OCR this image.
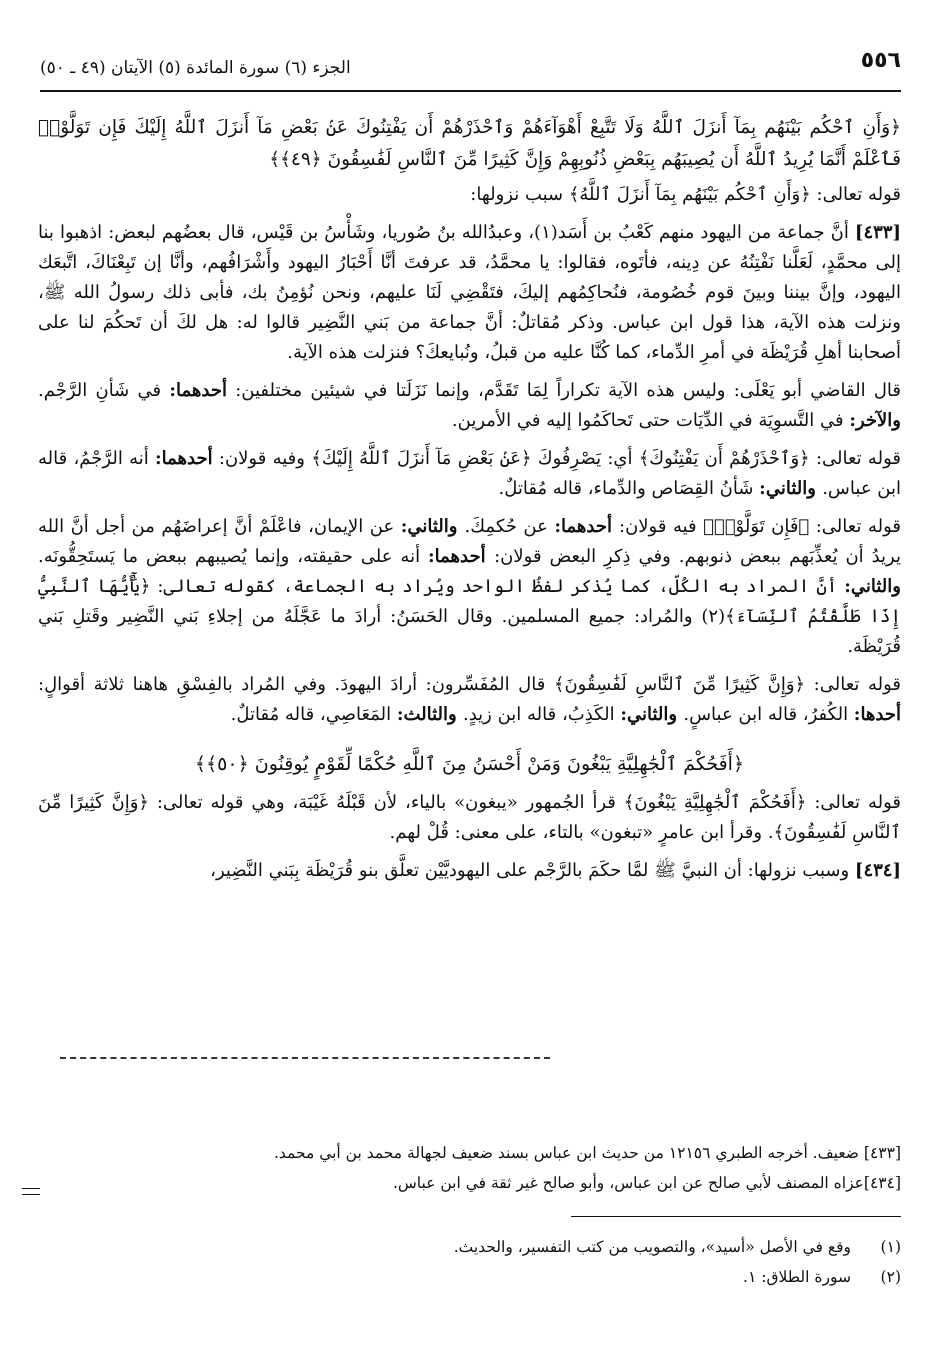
٥٥٦
الجزء (٦) سورة المائدة (٥) الآيتان (٤٩ ـ ٥٠)

﴿وَأَنِ ٱحْكُم بَيْنَهُم بِمَآ أَنزَلَ ٱللَّهُ وَلَا تَتَّبِعْ أَهْوَآءَهُمْ وَٱحْذَرْهُمْ أَن يَفْتِنُوكَ عَنۢ بَعْضِ مَآ أَنزَلَ ٱللَّهُ إِلَيْكَ فَإِن تَوَلَّوْا۟ فَٱعْلَمْ أَنَّمَا يُرِيدُ ٱللَّهُ أَن يُصِيبَهُم بِبَعْضِ ذُنُوبِهِمْ وَإِنَّ كَثِيرًا مِّنَ ٱلنَّاسِ لَفَٰسِقُونَ ﴿٤٩﴾﴾

قوله تعالى: ﴿وَأَنِ ٱحْكُم بَيْنَهُم بِمَآ أَنزَلَ ٱللَّهُ﴾ سبب نزولها:

[٤٣٣] أنَّ جماعة من اليهود منهم كَعْبُ بن أَسَد(١)، وعبدُالله بنُ صُوريا، وشَأْسُ بن قَيْس، قال بعضُهم لبعض: اذهبوا بنا إلى محمَّدٍ، لَعَلَّنا نَفْتِنُهُ عن دِينه، فأتَوه، فقالوا: يا محمَّدُ، قد عرفتَ أنَّا أَحْبَارُ اليهود وأَشْرَافُهم، وأنَّا إن تَبِعْنَاكَ، اتَّبعَك اليهود، وإنَّ بيننا وبينَ قوم خُصُومة، فنُحاكِمُهم إليكَ، فتَقْضِي لَنَا عليهم، ونحن نُؤمِنُ بك، فأبى ذلك رسولُ الله ﷺ، ونزلت هذه الآية، هذا قول ابن عباس. وذكر مُقاتلٌ: أنَّ جماعة من بَني النَّضِير قالوا له: هل لكَ أن تَحكُمَ لنا على أصحابنا أهلِ قُرَيْظَة في أمرِ الدِّماء، كما كُنَّا عليه من قبلُ، ونُبايعكَ؟ فنزلت هذه الآية.

قال القاضي أبو يَعْلَى: وليس هذه الآية تكراراً لِمَا تَقَدَّم، وإنما نَزَلَتا في شيئين مختلفين: أحدهما: في شَأنِ الرَّجْم. والآخر: في التَّسوِيَة في الدِّيَات حتى تَحاكَمُوا إليه في الأمرين.

قوله تعالى: ﴿وَٱحْذَرْهُمْ أَن يَفْتِنُوكَ﴾ أي: يَصْرِفُوكَ ﴿عَنۢ بَعْضِ مَآ أَنزَلَ ٱللَّهُ إِلَيْكَ﴾ وفيه قولان: أحدهما: أنه الرَّجْمُ، قاله ابن عباس. والثاني: شَأنُ القِصَاص والدِّماء، قاله مُقاتلٌ.

قوله تعالى: ﴿فَإِن تَوَلَّوْا۟﴾ فيه قولان: أحدهما: عن حُكمِكَ. والثاني: عن الإيمان، فاعْلَمْ أنَّ إعراضَهُم من أجل أنَّ الله يريدُ أن يُعذِّبَهم ببعض ذنوبهم. وفي ذِكرِ البعض قولان: أحدهما: أنه على حقيقته، وإنما يُصيبهم ببعض ما يَستَحِقُّونَه. والثاني: أنَّ المراد به الكُلّ، كما يُذكر لفظُ الواحد ويُراد به الجماعة، كقوله تعالى: ﴿يَٰٓأَيُّهَا ٱلنَّبِيُّ إِذَا طَلَّقْتُمُ ٱلنِّسَآءَ﴾(٢) والمُراد: جميع المسلمين. وقال الحَسَنُ: أرادَ ما عَجَّلَهُ من إجلاءِ بَني النَّضِير وقَتلِ بَني قُرَيْظَة.

قوله تعالى: ﴿وَإِنَّ كَثِيرًا مِّنَ ٱلنَّاسِ لَفَٰسِقُونَ﴾ قال المُفَسِّرون: أرادَ اليهودَ. وفي المُراد بالفِسْقِ هاهنا ثلاثة أقوالٍ: أحدها: الكُفرُ، قاله ابن عباسٍ. والثاني: الكَذِبُ، قاله ابن زيدٍ. والثالث: المَعَاصِي، قاله مُقاتلٌ.

﴿أَفَحُكْمَ ٱلْجَٰهِلِيَّةِ يَبْغُونَ وَمَنْ أَحْسَنُ مِنَ ٱللَّهِ حُكْمًا لِّقَوْمٍ يُوقِنُونَ ﴿٥٠﴾﴾

قوله تعالى: ﴿أَفَحُكْمَ ٱلْجَٰهِلِيَّةِ يَبْغُونَ﴾ قرأ الجُمهور «يبغون» بالياء، لأن قَبْلَهُ غَيْبَة، وهي قوله تعالى: ﴿وَإِنَّ كَثِيرًا مِّنَ ٱلنَّاسِ لَفَٰسِقُونَ﴾. وقرأ ابن عامرٍ «تبغون» بالتاء، على معنى: قُلْ لهم.

[٤٣٤] وسبب نزولها: أن النبيَّ ﷺ لمَّا حكَمَ بالرَّجْم على اليهوديَّيْن تعلَّق بنو قُرَيْظَة بِبَني النَّضِير،

[٤٣٣] ضعيف. أخرجه الطبري ١٢١٥٦ من حديث ابن عباس بسند ضعيف لجهالة محمد بن أبي محمد.
[٤٣٤]عزاه المصنف لأبي صالح عن ابن عباس، وأبو صالح غير ثقة في ابن عباس.
(١)وقع في الأصل «أسيد»، والتصويب من كتب التفسير، والحديث.
(٢)سورة الطلاق: ١.
